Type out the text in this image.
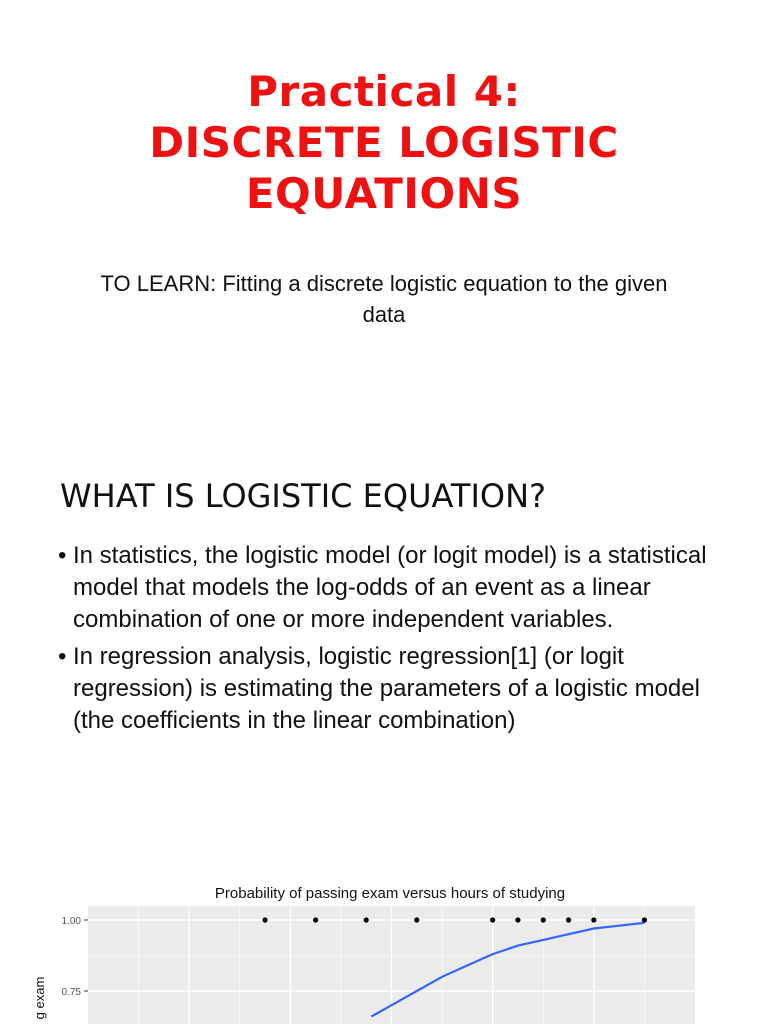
Practical 4:
DISCRETE LOGISTIC
EQUATIONS
TO LEARN: Fitting a discrete logistic equation to the given data
WHAT IS LOGISTIC EQUATION?
• In statistics, the logistic model (or logit model) is a statistical model that models the log-odds of an event as a linear combination of one or more independent variables.
• In regression analysis, logistic regression[1] (or logit regression) is estimating the parameters of a logistic model (the coefficients in the linear combination)
Probability of passing exam versus hours of studying
1.00
0.75
g exam
